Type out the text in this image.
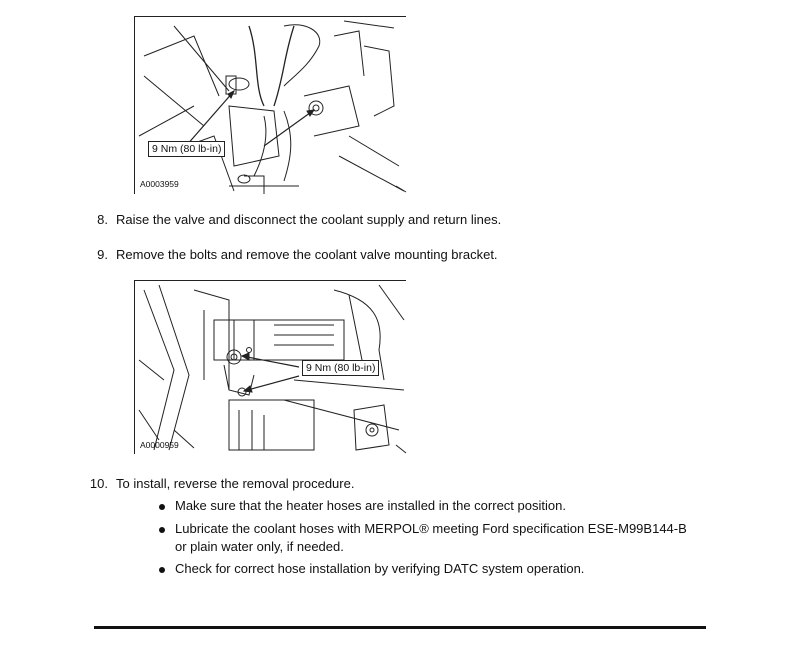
9 Nm (80 lb-in)
A0003959
8. Raise the valve and disconnect the coolant supply and return lines.
9. Remove the bolts and remove the coolant valve mounting bracket.
9 Nm (80 lb-in)
A0000959
10. To install, reverse the removal procedure.
Make sure that the heater hoses are installed in the correct position.
Lubricate the coolant hoses with MERPOL® meeting Ford specification ESE-M99B144-B
or plain water only, if needed.
Check for correct hose installation by verifying DATC system operation.
